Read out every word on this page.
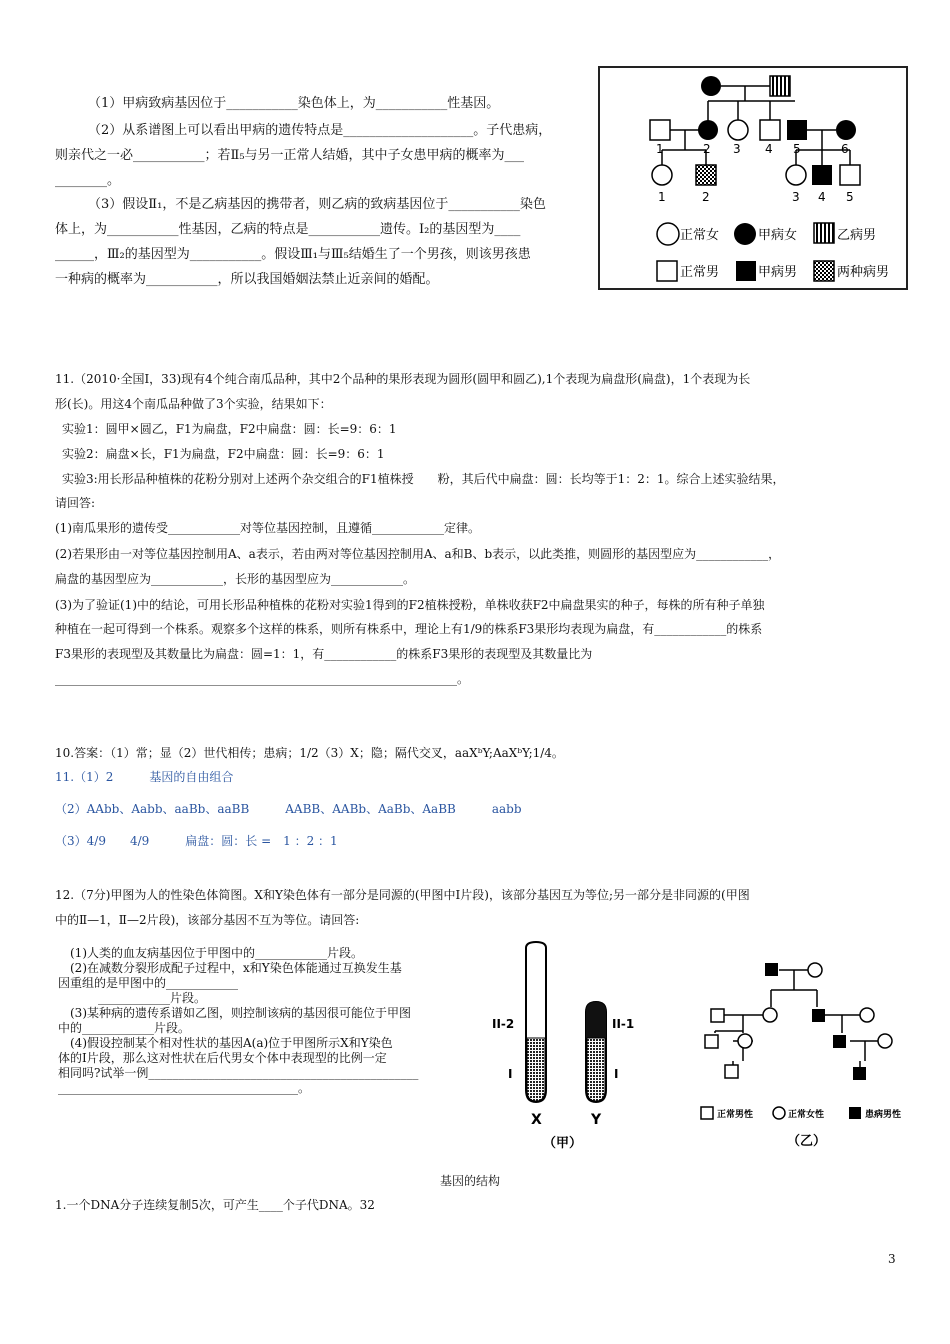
（1）甲病致病基因位于___________染色体上，为___________性基因。
（2）从系谱图上可以看出甲病的遗传特点是____________________。子代患病，
则亲代之一必___________；若Ⅱ₅与另一正常人结婚，其中子女患甲病的概率为___
________。
（3）假设Ⅱ₁，不是乙病基因的携带者，则乙病的致病基因位于___________染色
体上，为___________性基因，乙病的特点是___________遗传。Ⅰ₂的基因型为____
______，Ⅲ₂的基因型为___________。假设Ⅲ₁与Ⅲ₅结婚生了一个男孩，则该男孩患
一种病的概率为___________，所以我国婚姻法禁止近亲间的婚配。
1	2 3 4 5	6
1	2	3 4 5
正常女	甲病女	乙病男
正常男	甲病男	两种病男
11.（2010·全国Ⅰ，33)现有4个纯合南瓜品种，其中2个品种的果形表现为圆形(圆甲和圆乙),1个表现为扁盘形(扁盘)，1个表现为长
形(长)。用这4个南瓜品种做了3个实验，结果如下：
实验1：圆甲×圆乙，F1为扁盘，F2中扁盘：圆：长=9：6：1
实验2：扁盘×长，F1为扁盘，F2中扁盘：圆：长=9：6：1
实验3:用长形品种植株的花粉分别对上述两个杂交组合的F1植株授　　粉，其后代中扁盘：圆：长均等于1：2：1。综合上述实验结果，
请回答:
(1)南瓜果形的遗传受____________对等位基因控制，且遵循____________定律。
(2)若果形由一对等位基因控制用A、a表示，若由两对等位基因控制用A、a和B、b表示，以此类推，则圆形的基因型应为____________，
扁盘的基因型应为____________，长形的基因型应为____________。
(3)为了验证(1)中的结论，可用长形品种植株的花粉对实验1得到的F2植株授粉，单株收获F2中扁盘果实的种子，每株的所有种子单独
种植在一起可得到一个株系。观察多个这样的株系，则所有株系中，理论上有1/9的株系F3果形均表现为扁盘，有____________的株系
F3果形的表现型及其数量比为扁盘：圆=1：1，有____________的株系F3果形的表现型及其数量比为
___________________________________________________________________。
10.答案：（1）常；显（2）世代相传；患病；1/2（3）X；隐；隔代交叉，aaXᵇY;AaXᵇY;1/4。
11.（1）2　　　基因的自由组合
（2）AAbb、Aabb、aaBb、aaBB　　　AABB、AABb、AaBb、AaBB　　　aabb
（3）4/9　　4/9　　　扁盘：圆：长 =　1 ：2 ：1
12.（7分)甲图为人的性染色体简图。X和Y染色体有一部分是同源的(甲图中Ⅰ片段)，该部分基因互为等位;另一部分是非同源的(甲图
中的Ⅱ—1，Ⅱ—2片段)，该部分基因不互为等位。请回答:
(1)人类的血友病基因位于甲图中的____________片段。
(2)在减数分裂形成配子过程中，x和Y染色体能通过互换发生基
因重组的是甲图中的____________
____________片段。
(3)某种病的遗传系谱如乙图，则控制该病的基因很可能位于甲图
中的____________片段。
(4)假设控制某个相对性状的基因A(a)位于甲图所示X和Y染色
体的Ⅰ片段，那么这对性状在后代男女个体中表现型的比例一定
相同吗?试举一例_____________________________________________
________________________________________。
II-2	II-1
I	I
X	Y
（甲）
正常男性	正常女性	患病男性
（乙）
基因的结构
1.一个DNA分子连续复制5次，可产生____个子代DNA。32
3
